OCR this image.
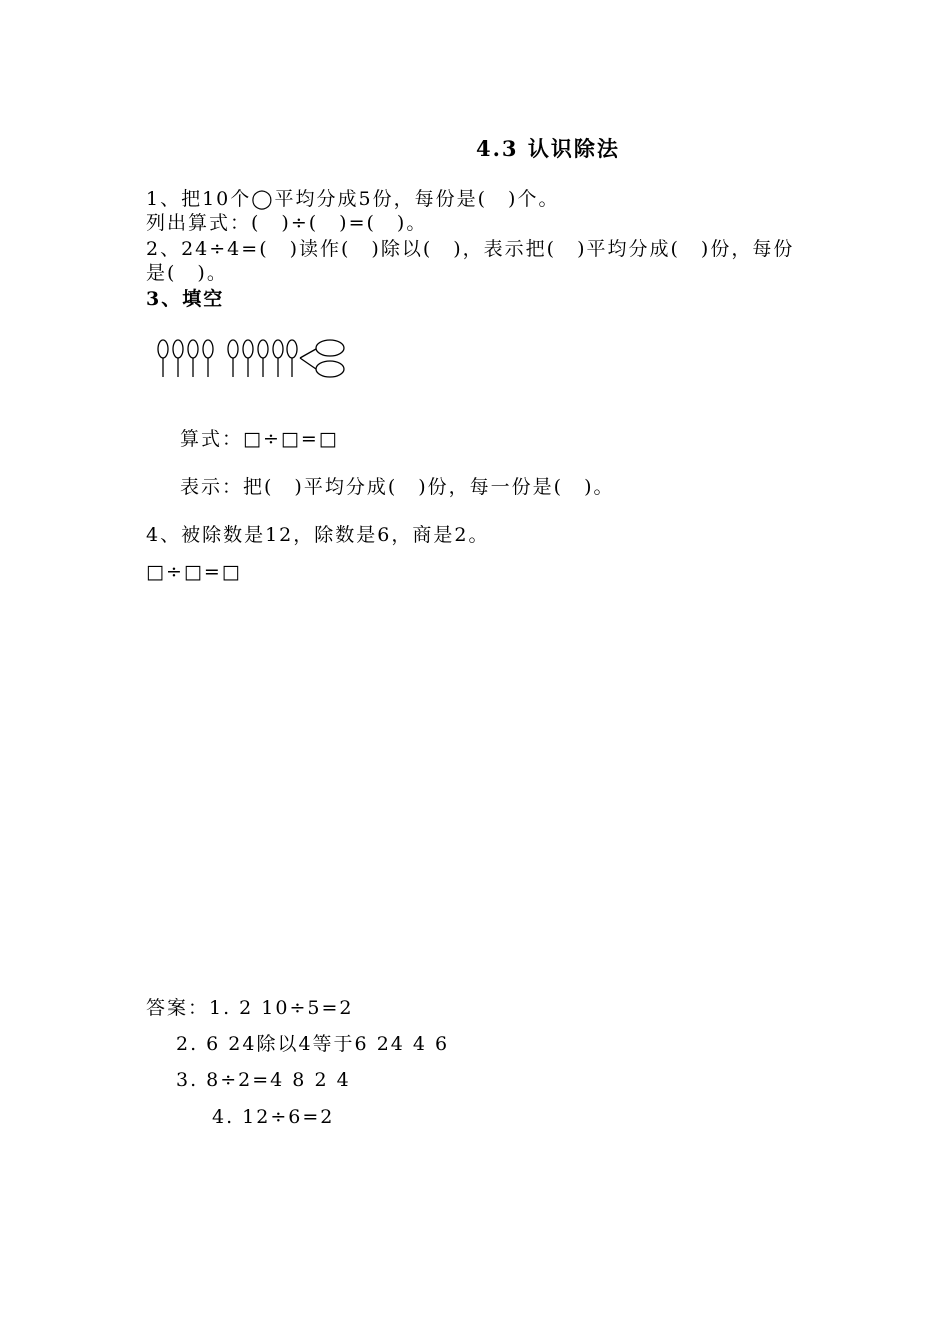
4.3 认识除法
1、把10个◯平均分成5份，每份是(　)个。
列出算式：(　)÷(　)=(　)。
2、24÷4=(　)读作(　)除以(　)，表示把(　)平均分成(　)份，每份
是(　)。
3、填空
算式：□÷□=□
表示：把(　)平均分成(　)份，每一份是(　)。
4、被除数是12，除数是6，商是2。
□÷□=□
答案：1. 2 10÷5=2
2. 6 24除以4等于6 24 4 6
3. 8÷2=4 8 2 4
4. 12÷6=2
